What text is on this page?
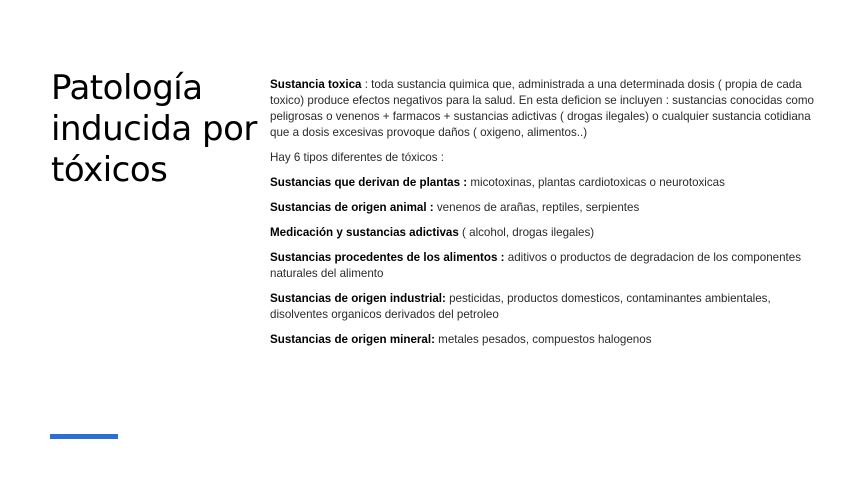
Patología
inducida por
tóxicos

Sustancia toxica : toda sustancia quimica que, administrada a una determinada dosis ( propia de cada toxico) produce efectos negativos para la salud. En esta deficion se incluyen : sustancias conocidas como peligrosas o venenos + farmacos + sustancias adictivas ( drogas ilegales) o cualquier sustancia cotidiana que a dosis excesivas provoque daños ( oxigeno, alimentos..)

Hay 6 tipos diferentes de tóxicos :

Sustancias que derivan de plantas : micotoxinas, plantas cardiotoxicas o neurotoxicas

Sustancias de origen animal : venenos de arañas, reptiles, serpientes

Medicación y sustancias adictivas ( alcohol, drogas ilegales)

Sustancias procedentes de los alimentos : aditivos o productos de degradacion de los componentes naturales del alimento

Sustancias de origen industrial: pesticidas, productos domesticos, contaminantes ambientales, disolventes organicos derivados del petroleo

Sustancias de origen mineral: metales pesados, compuestos halogenos
